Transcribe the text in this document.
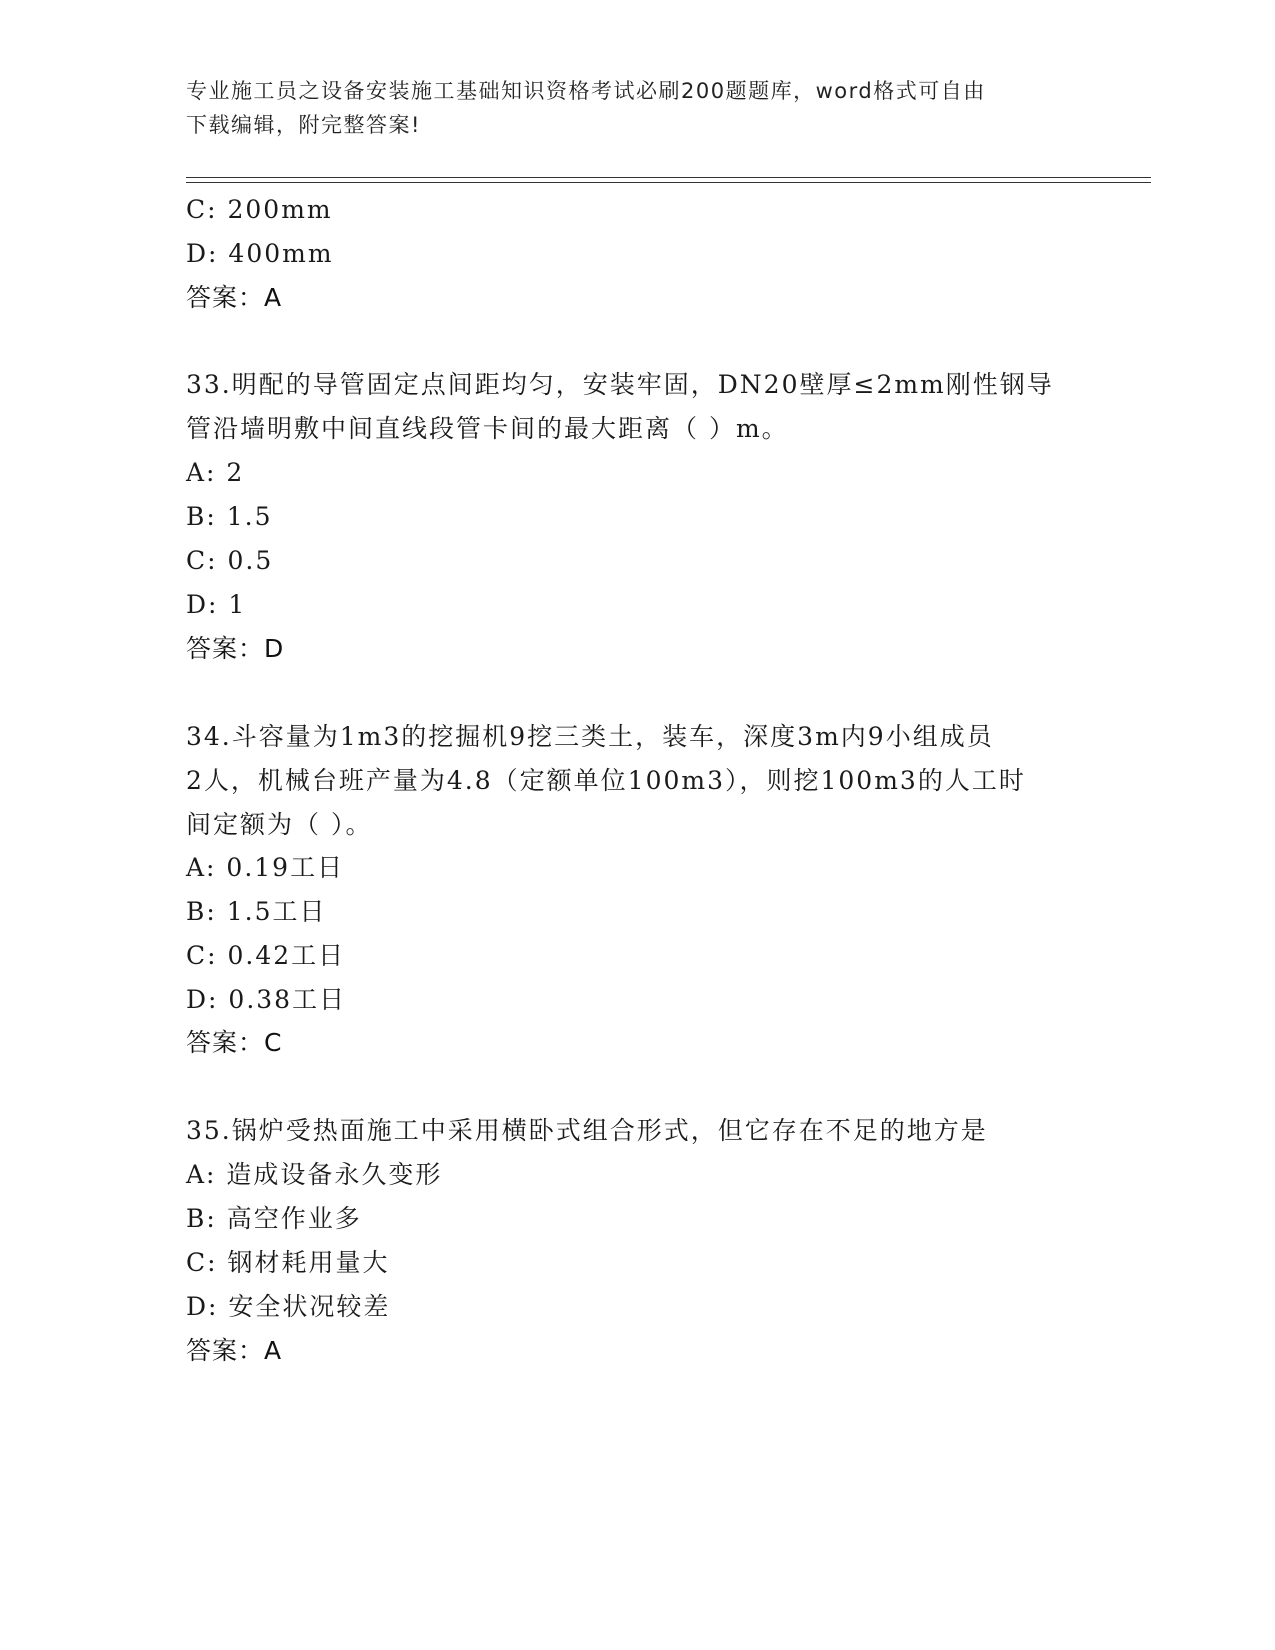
专业施工员之设备安装施工基础知识资格考试必刷200题题库，word格式可自由
下载编辑，附完整答案!
C: 200mm
D: 400mm
答案：A
33.明配的导管固定点间距均匀，安装牢固，DN20壁厚≤2mm刚性钢导
管沿墙明敷中间直线段管卡间的最大距离（ ）m。
A: 2
B: 1.5
C: 0.5
D: 1
答案：D
34.斗容量为1m3的挖掘机9挖三类土，装车，深度3m内9小组成员
2人，机械台班产量为4.8（定额单位100m3），则挖100m3的人工时
间定额为（ ）。
A: 0.19工日
B: 1.5工日
C: 0.42工日
D: 0.38工日
答案：C
35.锅炉受热面施工中采用横卧式组合形式，但它存在不足的地方是
A: 造成设备永久变形
B: 高空作业多
C: 钢材耗用量大
D: 安全状况较差
答案：A
